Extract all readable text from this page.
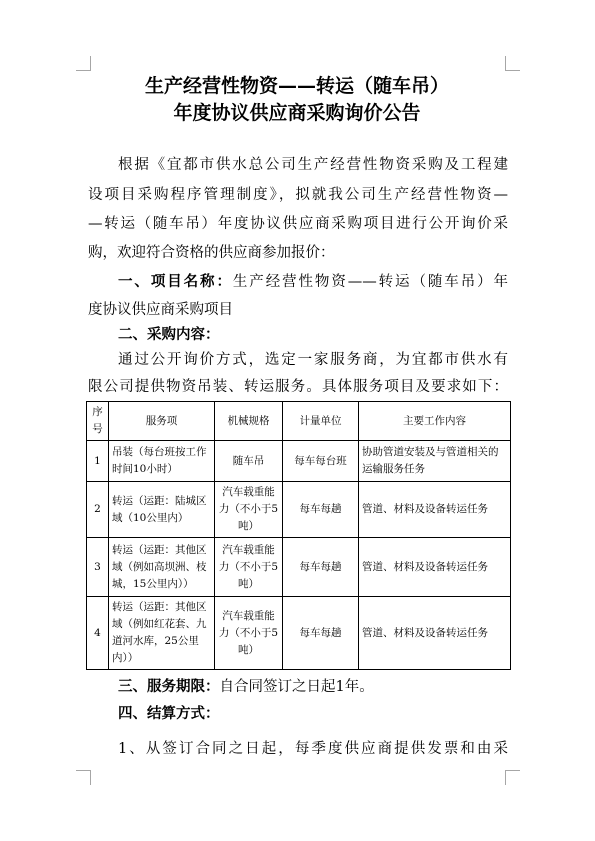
生产经营性物资——转运（随车吊）
年度协议供应商采购询价公告
根据《宜都市供水总公司生产经营性物资采购及工程建
设项目采购程序管理制度》，拟就我公司生产经营性物资—
—转运（随车吊）年度协议供应商采购项目进行公开询价采
购，欢迎符合资格的供应商参加报价：
一、项目名称：生产经营性物资——转运（随车吊）年
度协议供应商采购项目
二、采购内容：
通过公开询价方式，选定一家服务商，为宜都市供水有
限公司提供物资吊装、转运服务。具体服务项目及要求如下：
序号	服务项	机械规格	计量单位	主要工作内容
1	吊装（每台班按工作时间10小时）	随车吊	每车每台班	协助管道安装及与管道相关的运输服务任务
2	转运（运距：陆城区域（10公里内）	汽车载重能力（不小于5吨）	每车每趟	管道、材料及设备转运任务
3	转运（运距：其他区域（例如高坝洲、枝城，15公里内））	汽车载重能力（不小于5吨）	每车每趟	管道、材料及设备转运任务
4	转运（运距：其他区域（例如红花套、九道河水库，25公里内））	汽车载重能力（不小于5吨）	每车每趟	管道、材料及设备转运任务
三、服务期限：自合同签订之日起1年。
四、结算方式：
1、从签订合同之日起，每季度供应商提供发票和由采
